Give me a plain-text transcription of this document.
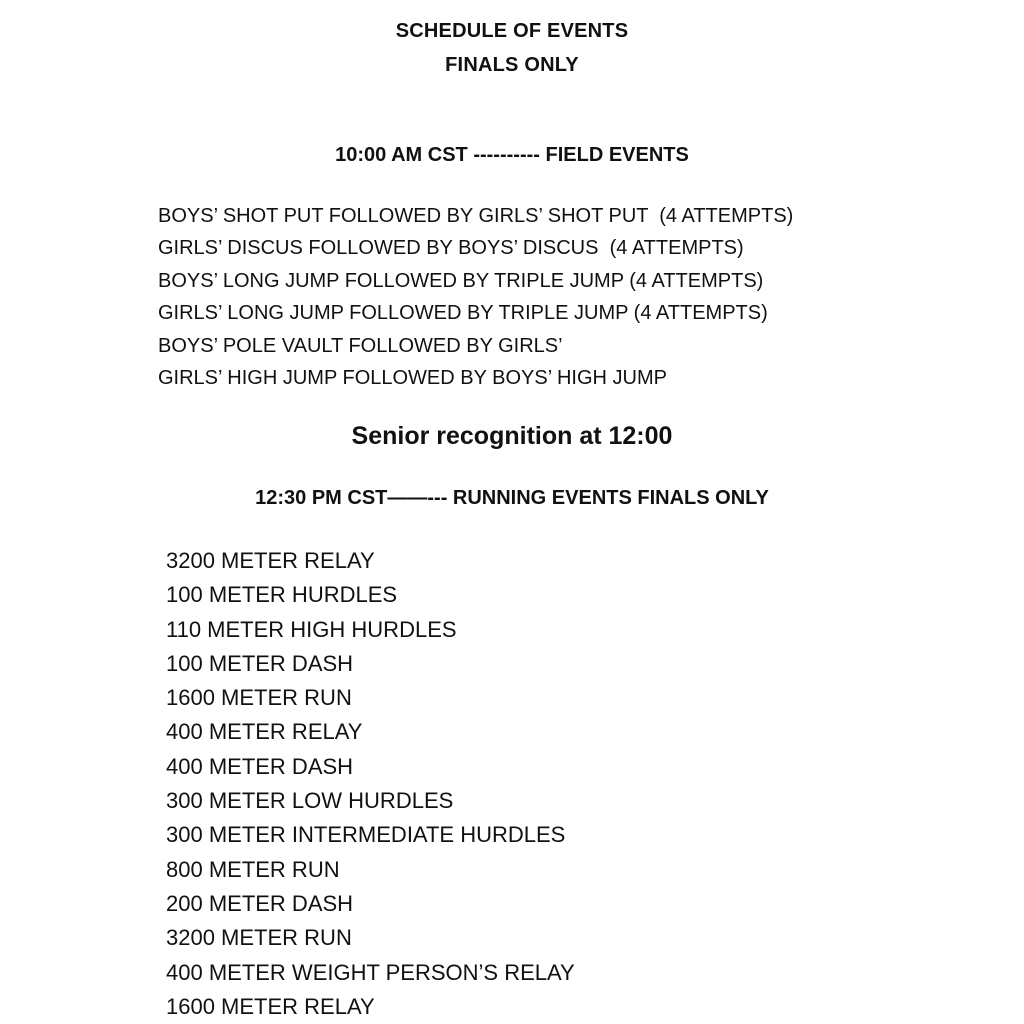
SCHEDULE OF EVENTS
FINALS ONLY
10:00 AM CST ---------- FIELD EVENTS
BOYS’ SHOT PUT FOLLOWED BY GIRLS’ SHOT PUT  (4 ATTEMPTS)
GIRLS’ DISCUS FOLLOWED BY BOYS’ DISCUS  (4 ATTEMPTS)
BOYS’ LONG JUMP FOLLOWED BY TRIPLE JUMP (4 ATTEMPTS)
GIRLS’ LONG JUMP FOLLOWED BY TRIPLE JUMP (4 ATTEMPTS)
BOYS’ POLE VAULT FOLLOWED BY GIRLS’
GIRLS’ HIGH JUMP FOLLOWED BY BOYS’ HIGH JUMP
Senior recognition at 12:00
12:30 PM CST——--- RUNNING EVENTS FINALS ONLY
3200 METER RELAY
100 METER HURDLES
110 METER HIGH HURDLES
100 METER DASH
1600 METER RUN
400 METER RELAY
400 METER DASH
300 METER LOW HURDLES
300 METER INTERMEDIATE HURDLES
800 METER RUN
200 METER DASH
3200 METER RUN
400 METER WEIGHT PERSON’S RELAY
1600 METER RELAY
